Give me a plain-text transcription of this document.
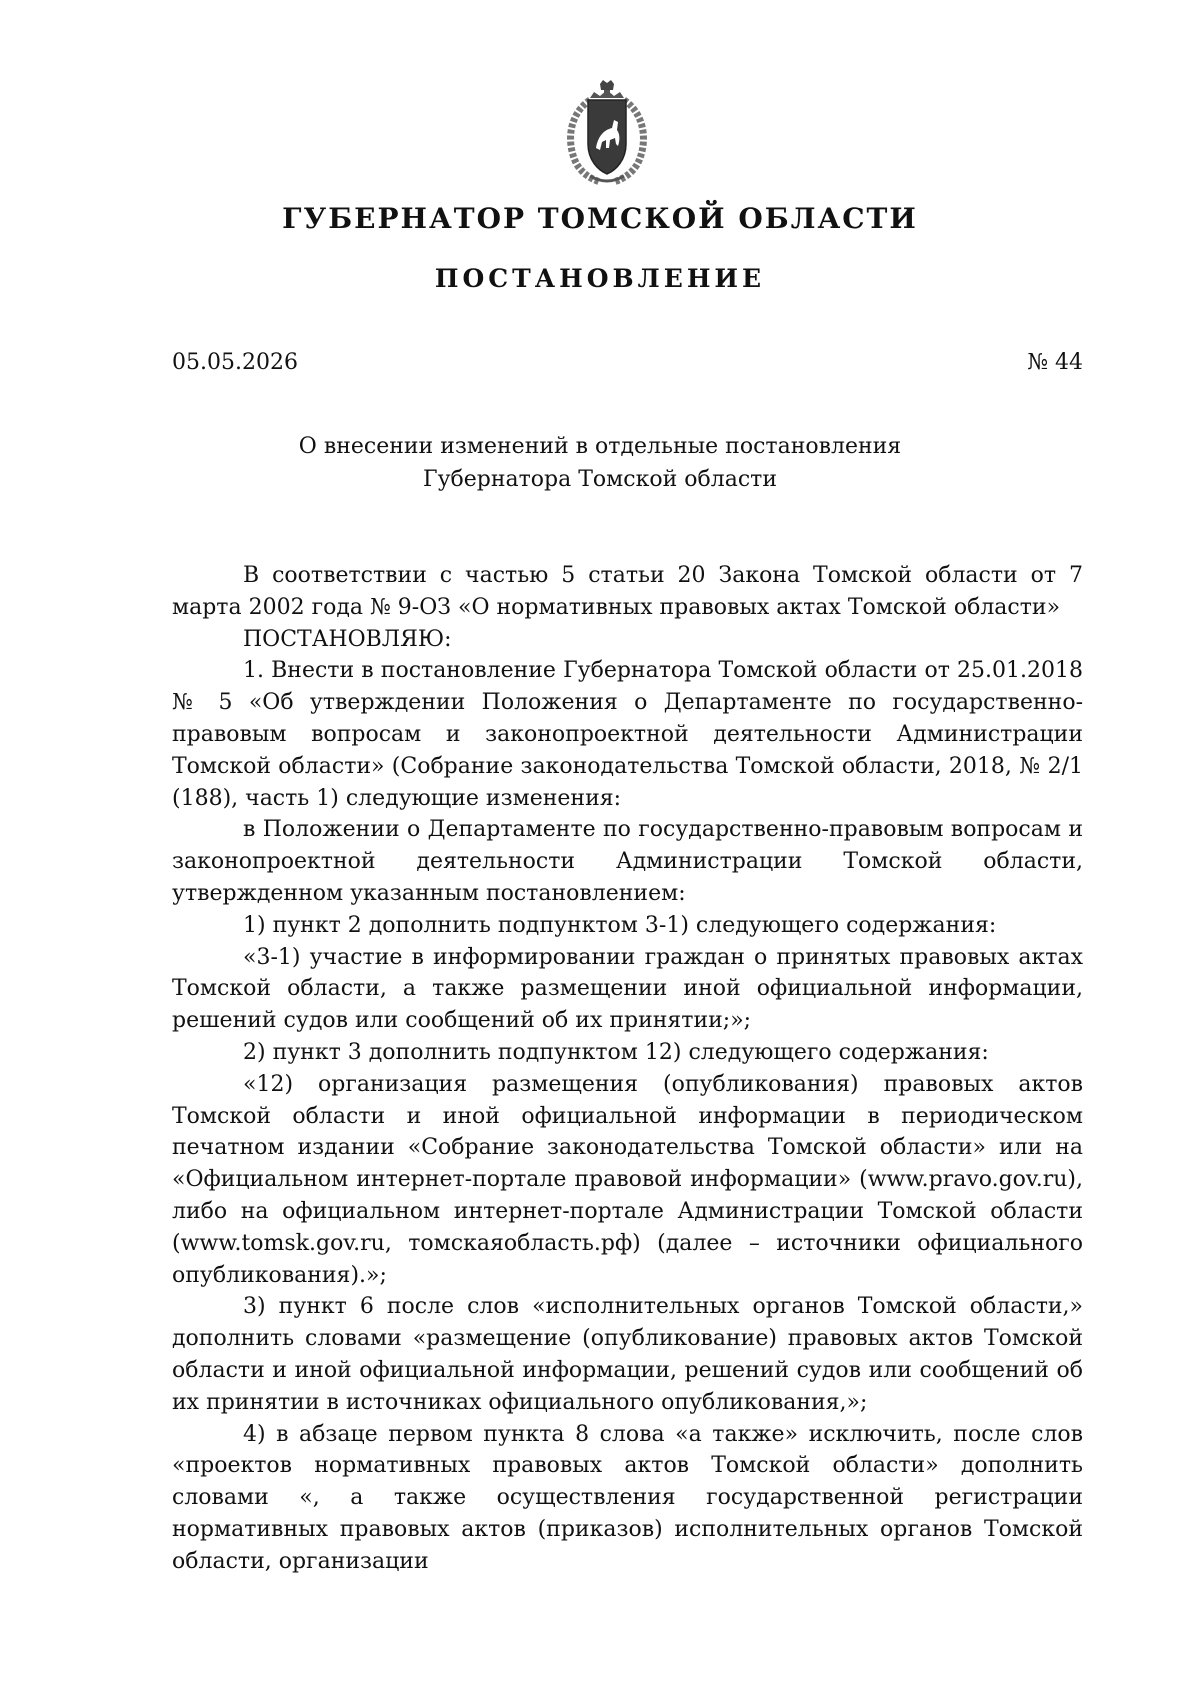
ГУБЕРНАТОР ТОМСКОЙ ОБЛАСТИ
ПОСТАНОВЛЕНИЕ
05.05.2026	№ 44
О внесении изменений в отдельные постановления
Губернатора Томской области

В соответствии с частью 5 статьи 20 Закона Томской области от 7 марта 2002 года № 9-ОЗ «О нормативных правовых актах Томской области»

ПОСТАНОВЛЯЮ:

1. Внести в постановление Губернатора Томской области от 25.01.2018 № 5 «Об утверждении Положения о Департаменте по государственно-правовым вопросам и законопроектной деятельности Администрации Томской области» (Собрание законодательства Томской области, 2018, № 2/1 (188), часть 1) следующие изменения:

в Положении о Департаменте по государственно-правовым вопросам и законопроектной деятельности Администрации Томской области, утвержденном указанным постановлением:

1) пункт 2 дополнить подпунктом 3-1) следующего содержания:

«3-1) участие в информировании граждан о принятых правовых актах Томской области, а также размещении иной официальной информации, решений судов или сообщений об их принятии;»;

2) пункт 3 дополнить подпунктом 12) следующего содержания:

«12) организация размещения (опубликования) правовых актов Томской области и иной официальной информации в периодическом печатном издании «Собрание законодательства Томской области» или на «Официальном интернет-портале правовой информации» (www.pravo.gov.ru), либо на официальном интернет-портале Администрации Томской области (www.tomsk.gov.ru, томскаяобласть.рф) (далее – источники официального опубликования).»;

3) пункт 6 после слов «исполнительных органов Томской области,» дополнить словами «размещение (опубликование) правовых актов Томской области и иной официальной информации, решений судов или сообщений об их принятии в источниках официального опубликования,»;

4) в абзаце первом пункта 8 слова «а также» исключить, после слов «проектов нормативных правовых актов Томской области» дополнить словами «, а также осуществления государственной регистрации нормативных правовых актов (приказов) исполнительных органов Томской области, организации
